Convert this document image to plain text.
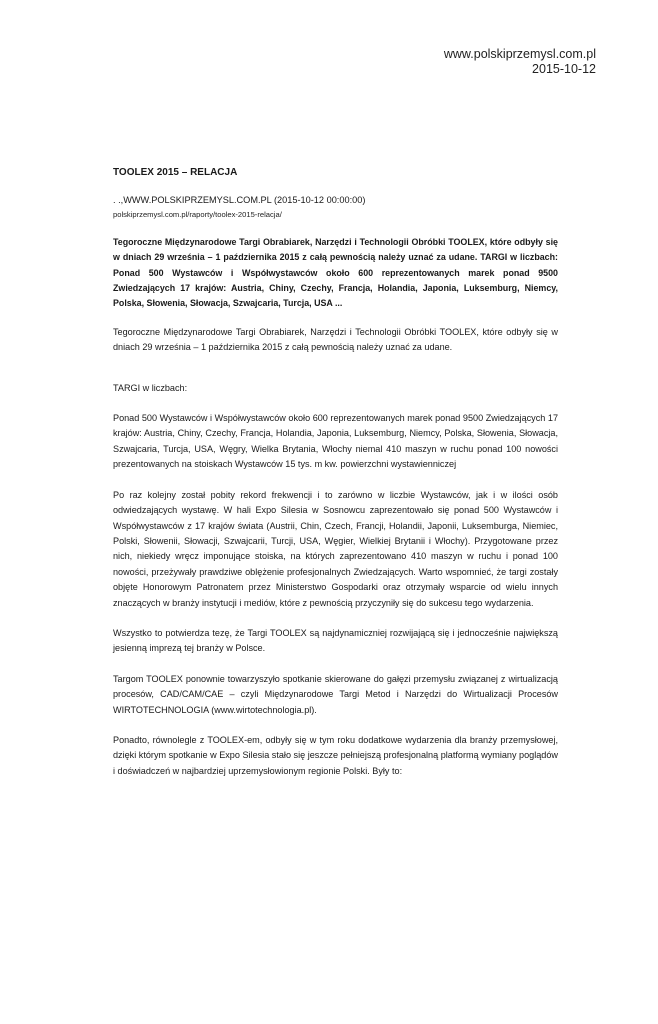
www.polskiprzemysl.com.pl
2015-10-12

TOOLEX 2015 – RELACJA

. .,WWW.POLSKIPRZEMYSL.COM.PL (2015-10-12 00:00:00)

polskiprzemysl.com.pl/raporty/toolex-2015-relacja/

Tegoroczne Międzynarodowe Targi Obrabiarek, Narzędzi i Technologii Obróbki TOOLEX, które odbyły się w dniach 29 września – 1 października 2015 z całą pewnością należy uznać za udane. TARGI w liczbach: Ponad 500 Wystawców i Współwystawców około 600 reprezentowanych marek ponad 9500 Zwiedzających 17 krajów: Austria, Chiny, Czechy, Francja, Holandia, Japonia, Luksemburg, Niemcy, Polska, Słowenia, Słowacja, Szwajcaria, Turcja, USA ...

Tegoroczne Międzynarodowe Targi Obrabiarek, Narzędzi i Technologii Obróbki TOOLEX, które odbyły się w dniach 29 września – 1 października 2015 z całą pewnością należy uznać za udane.

TARGI w liczbach:

Ponad 500 Wystawców i Współwystawców około 600 reprezentowanych marek ponad 9500 Zwiedzających 17 krajów: Austria, Chiny, Czechy, Francja, Holandia, Japonia, Luksemburg, Niemcy, Polska, Słowenia, Słowacja, Szwajcaria, Turcja, USA, Węgry, Wielka Brytania, Włochy niemal 410 maszyn w ruchu ponad 100 nowości prezentowanych na stoiskach Wystawców 15 tys. m kw. powierzchni wystawienniczej

Po raz kolejny został pobity rekord frekwencji i to zarówno w liczbie Wystawców, jak i w ilości osób odwiedzających wystawę. W hali Expo Silesia w Sosnowcu zaprezentowało się ponad 500 Wystawców i Współwystawców z 17 krajów świata (Austrii, Chin, Czech, Francji, Holandii, Japonii, Luksemburga, Niemiec, Polski, Słowenii, Słowacji, Szwajcarii, Turcji, USA, Węgier, Wielkiej Brytanii i Włochy). Przygotowane przez nich, niekiedy wręcz imponujące stoiska, na których zaprezentowano 410 maszyn w ruchu i ponad 100 nowości, przeżywały prawdziwe oblężenie profesjonalnych Zwiedzających. Warto wspomnieć, że targi zostały objęte Honorowym Patronatem przez Ministerstwo Gospodarki oraz otrzymały wsparcie od wielu innych znaczących w branży instytucji i mediów, które z pewnością przyczyniły się do sukcesu tego wydarzenia.

Wszystko to potwierdza tezę, że Targi TOOLEX są najdynamiczniej rozwijającą się i jednocześnie największą jesienną imprezą tej branży w Polsce.

Targom TOOLEX ponownie towarzyszyło spotkanie skierowane do gałęzi przemysłu związanej z wirtualizacją procesów, CAD/CAM/CAE – czyli Międzynarodowe Targi Metod i Narzędzi do Wirtualizacji Procesów WIRTOTECHNOLOGIA (www.wirtotechnologia.pl).

Ponadto, równolegle z TOOLEX-em, odbyły się w tym roku dodatkowe wydarzenia dla branży przemysłowej, dzięki którym spotkanie w Expo Silesia stało się jeszcze pełniejszą profesjonalną platformą wymiany poglądów i doświadczeń w najbardziej uprzemysłowionym regionie Polski. Były to:
